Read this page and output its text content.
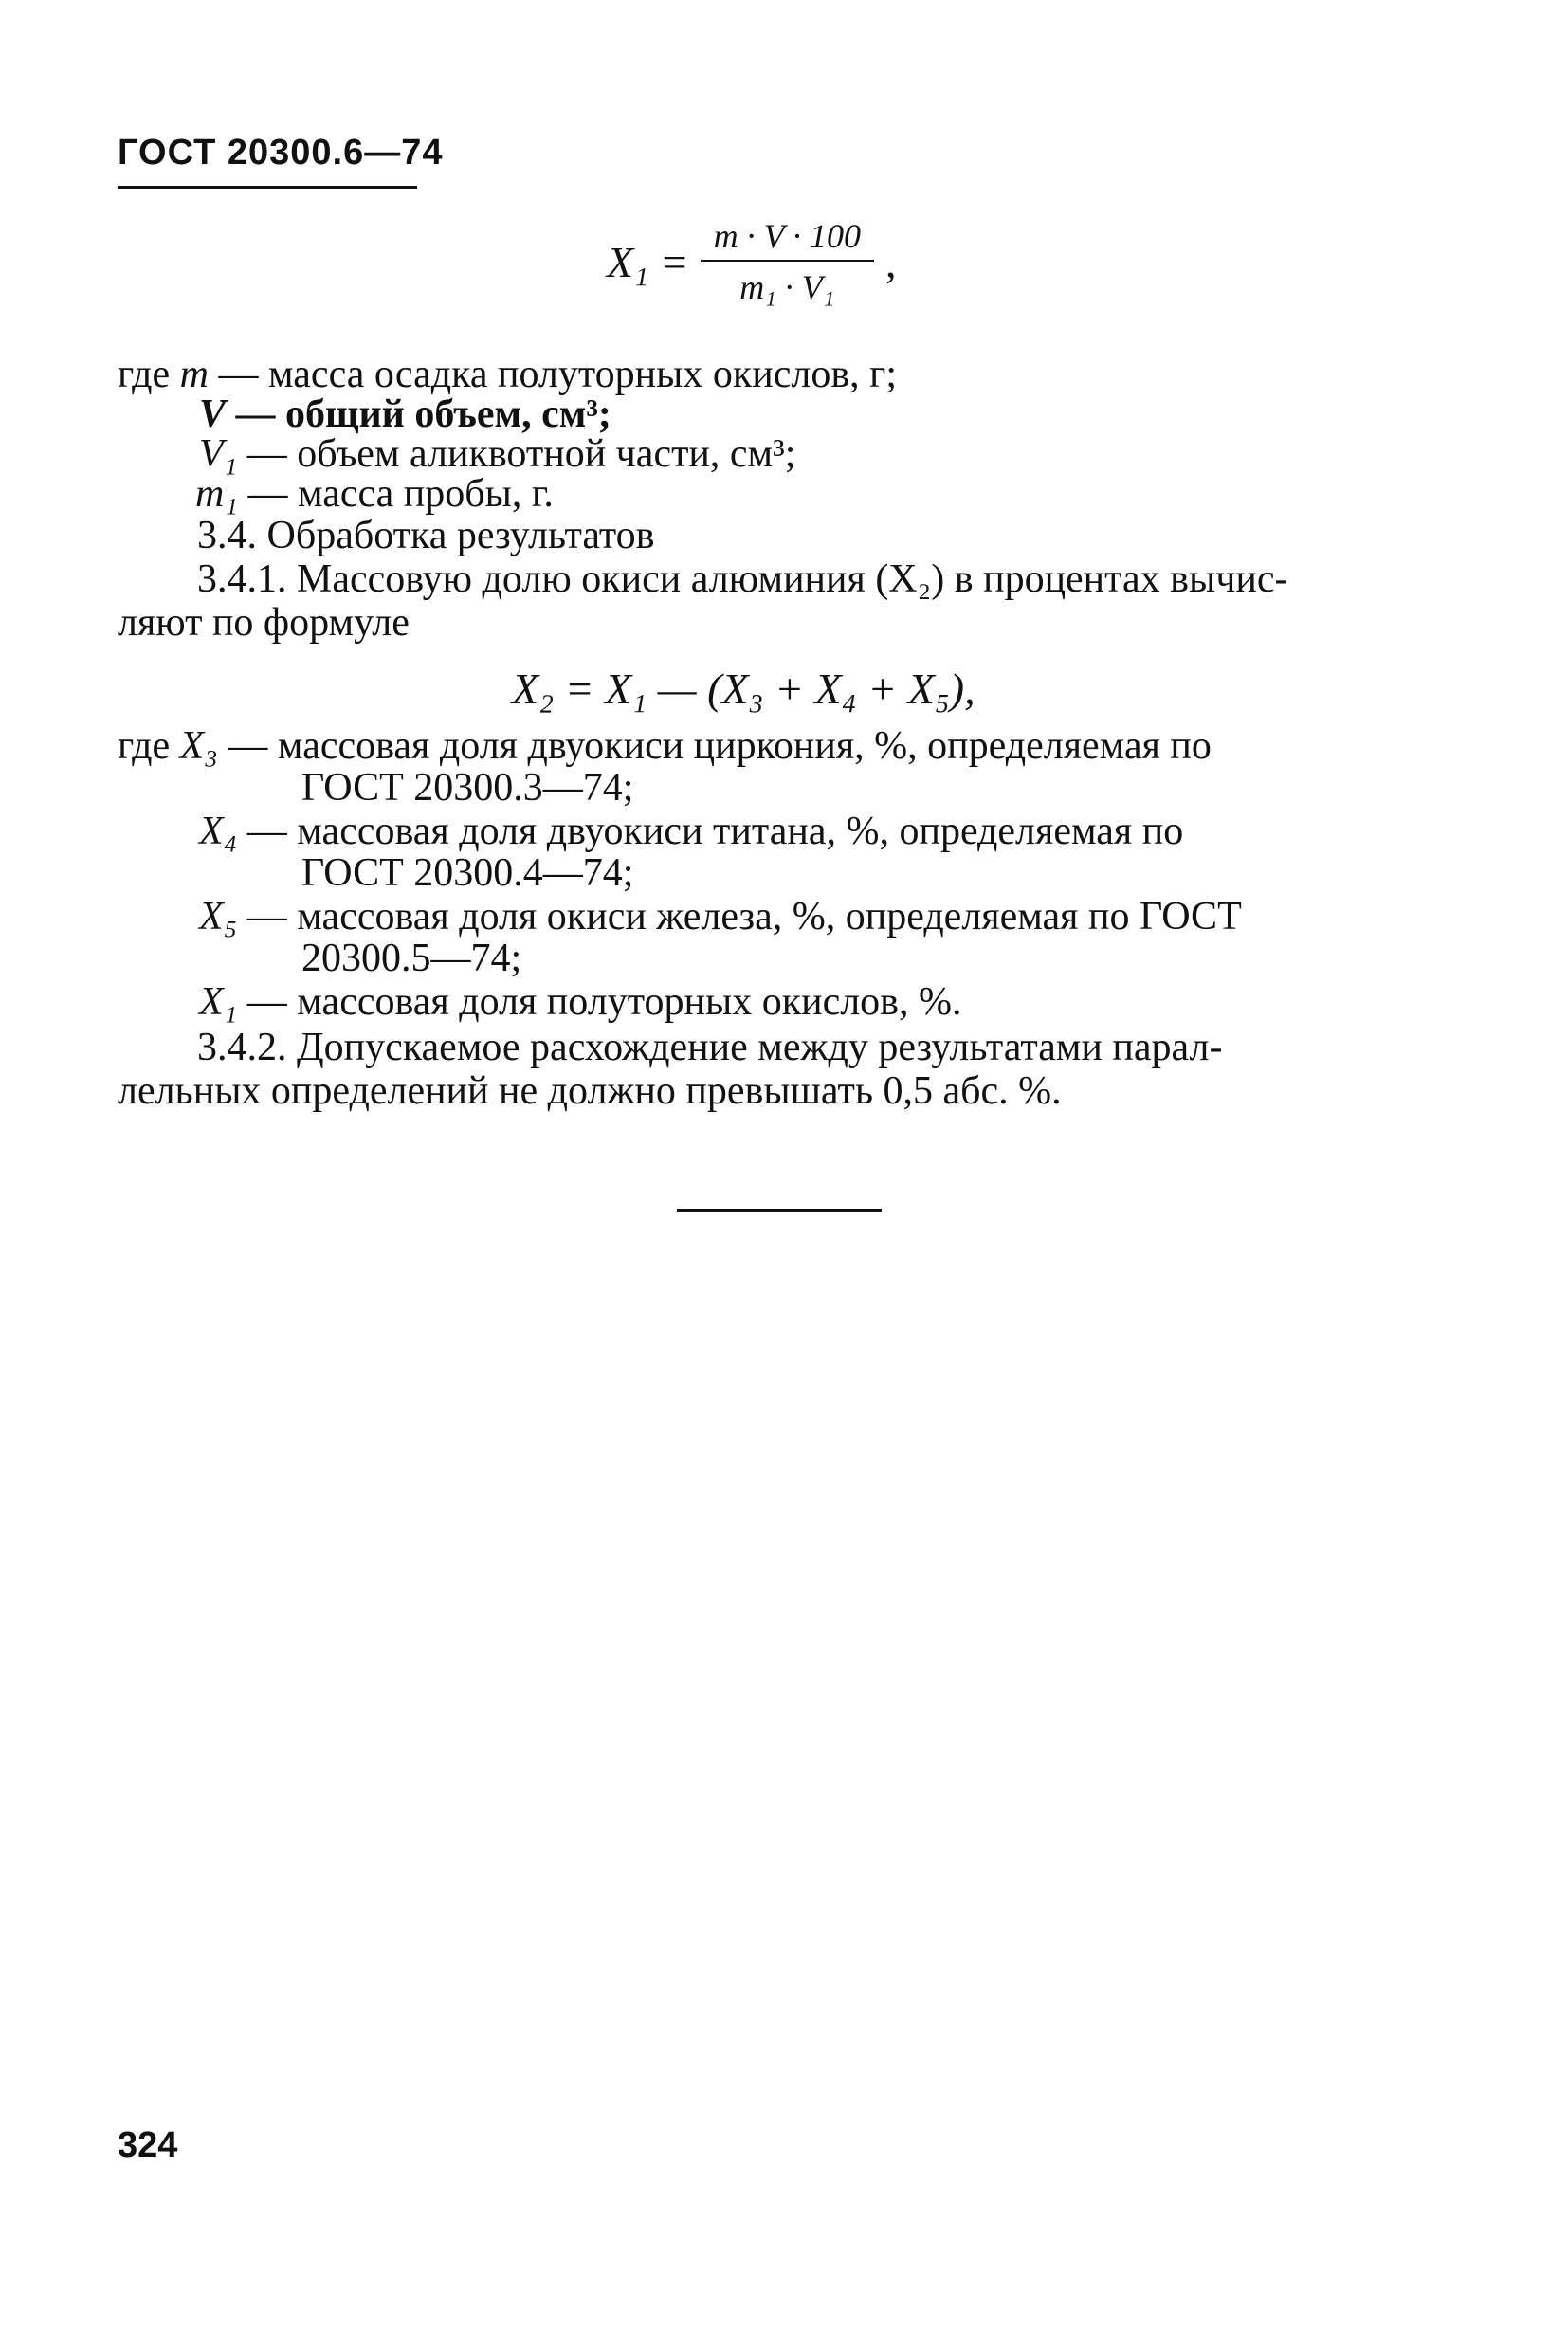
ГОСТ 20300.6—74
$X_1 = \frac{m \cdot V \cdot 100}{\text{m₁ · V₁}}$ ,
где m — масса осадка полуторных окислов, г;
V — общий объем, см³;
V₁ — объем аликвотной части, см³;
m₁ — масса пробы, г.
3.4. Обработка результатов
3.4.1. Массовую долю окиси алюминия (X₂) в процентах вычис-
ляют по формуле
X₂ = X₁ — (X₃ + X₄ + X₅),
где X₃ — массовая доля двуокиси циркония, %, определяемая по
ГОСТ 20300.3—74;
X₄ — массовая доля двуокиси титана, %, определяемая по
ГОСТ 20300.4—74;
X₅ — массовая доля окиси железа, %, определяемая по ГОСТ
20300.5—74;
X₁ — массовая доля полуторных окислов, %.
3.4.2. Допускаемое расхождение между результатами парал-
лельных определений не должно превышать 0,5 абс. %.
324
